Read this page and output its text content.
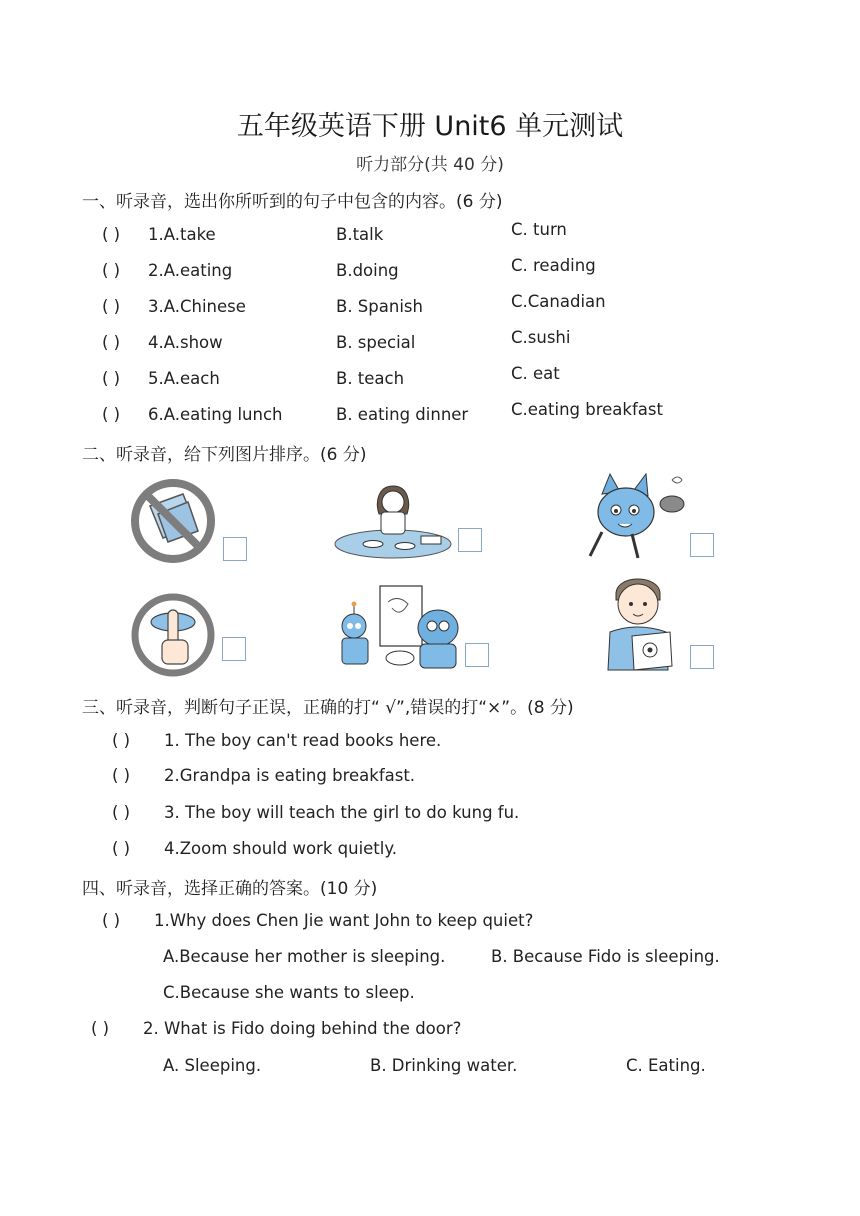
五年级英语下册 Unit6 单元测试
听力部分(共 40 分)
一、听录音，选出你所听到的句子中包含的内容。(6 分)
( ) 1.A.take	B.talk	C. turn
( ) 2.A.eating	B.doing	C. reading
( ) 3.A.Chinese	B. Spanish	C.Canadian
( ) 4.A.show	B. special	C.sushi
( ) 5.A.each	B. teach	C. eat
( ) 6.A.eating lunch	B. eating dinner	C.eating breakfast
二、听录音，给下列图片排序。(6 分)
三、听录音，判断句子正误，正确的打“ √”,错误的打“×”。(8 分)
( ) 1. The boy can't read books here.
( ) 2.Grandpa is eating breakfast.
( ) 3. The boy will teach the girl to do kung fu.
( ) 4.Zoom should work quietly.
四、听录音，选择正确的答案。(10 分)
( ) 1.Why does Chen Jie want John to keep quiet?
A.Because her mother is sleeping.	B. Because Fido is sleeping.
C.Because she wants to sleep.
( ) 2. What is Fido doing behind the door?
A. Sleeping.	B. Drinking water.	C. Eating.
